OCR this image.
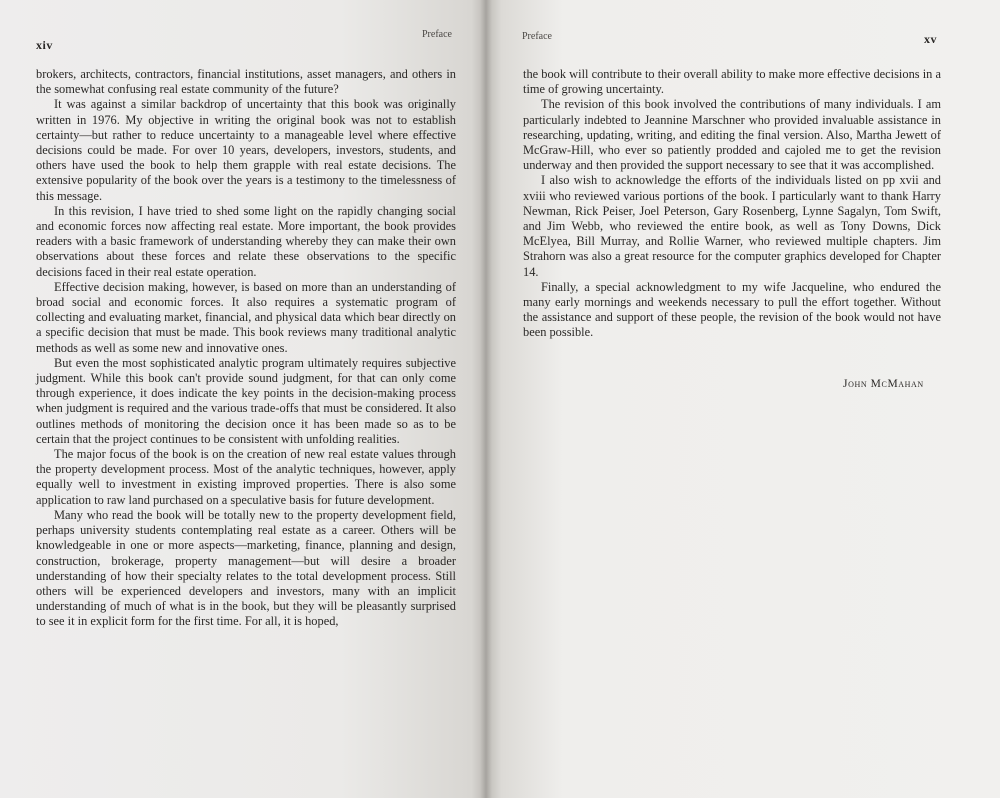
xiv
Preface

brokers, architects, contractors, financial institutions, asset managers, and others in the somewhat confusing real estate community of the future?

It was against a similar backdrop of uncertainty that this book was originally written in 1976. My objective in writing the original book was not to establish certainty—but rather to reduce uncertainty to a manageable level where effective decisions could be made. For over 10 years, developers, investors, students, and others have used the book to help them grapple with real estate decisions. The extensive popularity of the book over the years is a testimony to the timelessness of this message.

In this revision, I have tried to shed some light on the rapidly changing social and economic forces now affecting real estate. More important, the book provides readers with a basic framework of understanding whereby they can make their own observations about these forces and relate these observations to the specific decisions faced in their real estate operation.

Effective decision making, however, is based on more than an understanding of broad social and economic forces. It also requires a systematic program of collecting and evaluating market, financial, and physical data which bear directly on a specific decision that must be made. This book reviews many traditional analytic methods as well as some new and innovative ones.

But even the most sophisticated analytic program ultimately requires subjective judgment. While this book can't provide sound judgment, for that can only come through experience, it does indicate the key points in the decision-making process when judgment is required and the various trade-offs that must be considered. It also outlines methods of monitoring the decision once it has been made so as to be certain that the project continues to be consistent with unfolding realities.

The major focus of the book is on the creation of new real estate values through the property development process. Most of the analytic techniques, however, apply equally well to investment in existing improved properties. There is also some application to raw land purchased on a speculative basis for future development.

Many who read the book will be totally new to the property development field, perhaps university students contemplating real estate as a career. Others will be knowledgeable in one or more aspects—marketing, finance, planning and design, construction, brokerage, property management—but will desire a broader understanding of how their specialty relates to the total development process. Still others will be experienced developers and investors, many with an implicit understanding of much of what is in the book, but they will be pleasantly surprised to see it in explicit form for the first time. For all, it is hoped,

Preface	xv

the book will contribute to their overall ability to make more effective decisions in a time of growing uncertainty.

The revision of this book involved the contributions of many individuals. I am particularly indebted to Jeannine Marschner who provided invaluable assistance in researching, updating, writing, and editing the final version. Also, Martha Jewett of McGraw-Hill, who ever so patiently prodded and cajoled me to get the revision underway and then provided the support necessary to see that it was accomplished.

I also wish to acknowledge the efforts of the individuals listed on pp xvii and xviii who reviewed various portions of the book. I particularly want to thank Harry Newman, Rick Peiser, Joel Peterson, Gary Rosenberg, Lynne Sagalyn, Tom Swift, and Jim Webb, who reviewed the entire book, as well as Tony Downs, Dick McElyea, Bill Murray, and Rollie Warner, who reviewed multiple chapters. Jim Strahorn was also a great resource for the computer graphics developed for Chapter 14.

Finally, a special acknowledgment to my wife Jacqueline, who endured the many early mornings and weekends necessary to pull the effort together. Without the assistance and support of these people, the revision of the book would not have been possible.

John McMahan
